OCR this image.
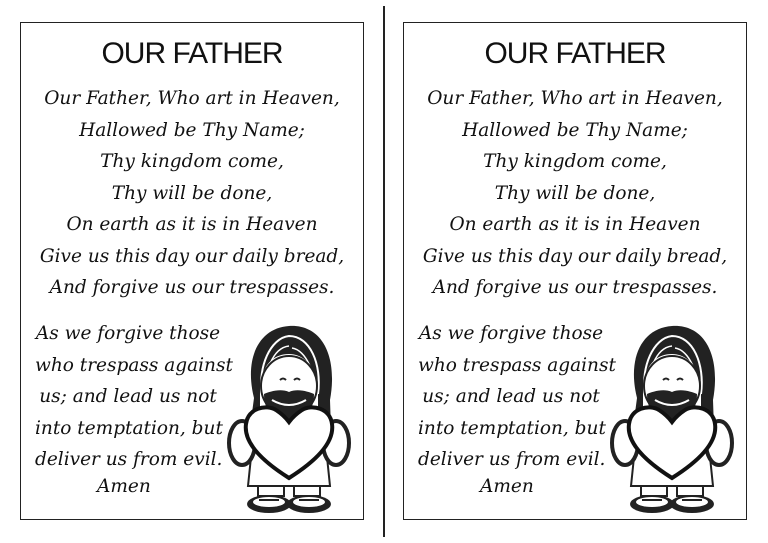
OUR FATHER
Our Father, Who art in Heaven,
Hallowed be Thy Name;
Thy kingdom come,
Thy will be done,
On earth as it is in Heaven
Give us this day our daily bread,
And forgive us our trespasses.
As we forgive those
who trespass against
us; and lead us not
into temptation, but
deliver us from evil.
Amen
OUR FATHER
Our Father, Who art in Heaven,
Hallowed be Thy Name;
Thy kingdom come,
Thy will be done,
On earth as it is in Heaven
Give us this day our daily bread,
And forgive us our trespasses.
As we forgive those
who trespass against
us; and lead us not
into temptation, but
deliver us from evil.
Amen
